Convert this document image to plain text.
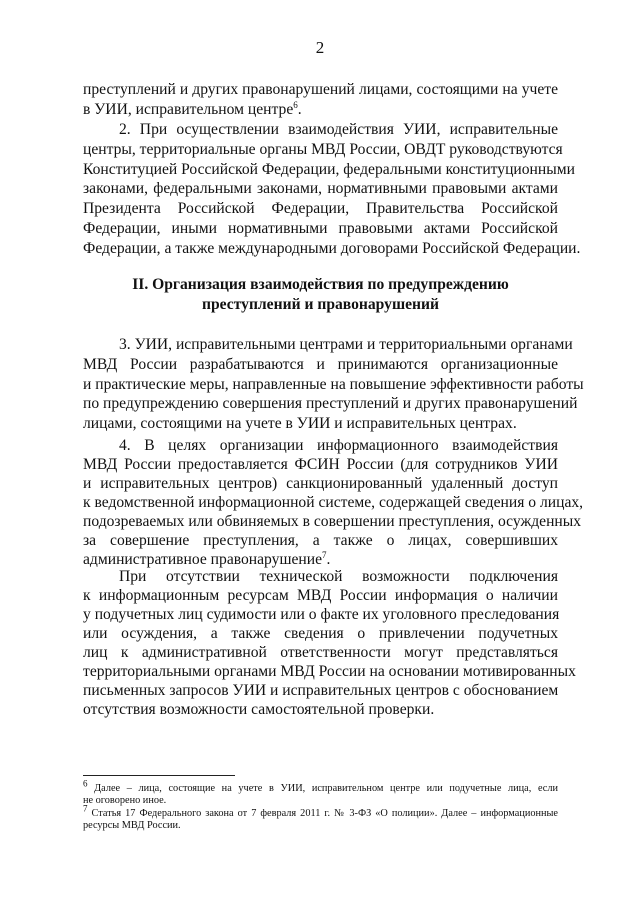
2
преступлений и других правонарушений лицами, состоящими на учете
в УИИ, исправительном центре$^6$.
2. При осуществлении взаимодействия УИИ, исправительные
центры, территориальные органы МВД России, ОВДТ руководствуются
Конституцией Российской Федерации, федеральными конституционными
законами, федеральными законами, нормативными правовыми актами
Президента Российской Федерации, Правительства Российской
Федерации, иными нормативными правовыми актами Российской
Федерации, а также международными договорами Российской Федерации.
II. Организация взаимодействия по предупреждению
преступлений и правонарушений
3. УИИ, исправительными центрами и территориальными органами
МВД России разрабатываются и принимаются организационные
и практические меры, направленные на повышение эффективности работы
по предупреждению совершения преступлений и других правонарушений
лицами, состоящими на учете в УИИ и исправительных центрах.
4. В целях организации информационного взаимодействия
МВД России предоставляется ФСИН России (для сотрудников УИИ
и исправительных центров) санкционированный удаленный доступ
к ведомственной информационной системе, содержащей сведения о лицах,
подозреваемых или обвиняемых в совершении преступления, осужденных
за совершение преступления, а также о лицах, совершивших
административное правонарушение$^7$.
При отсутствии технической возможности подключения
к информационным ресурсам МВД России информация о наличии
у подучетных лиц судимости или о факте их уголовного преследования
или осуждения, а также сведения о привлечении подучетных
лиц к административной ответственности могут представляться
территориальными органами МВД России на основании мотивированных
письменных запросов УИИ и исправительных центров с обоснованием
отсутствия возможности самостоятельной проверки.
$^6$ Далее – лица, состоящие на учете в УИИ, исправительном центре или подучетные лица, если
не оговорено иное.
$^7$ Статья 17 Федерального закона от 7 февраля 2011 г. № 3-ФЗ «О полиции». Далее – информационные
ресурсы МВД России.
